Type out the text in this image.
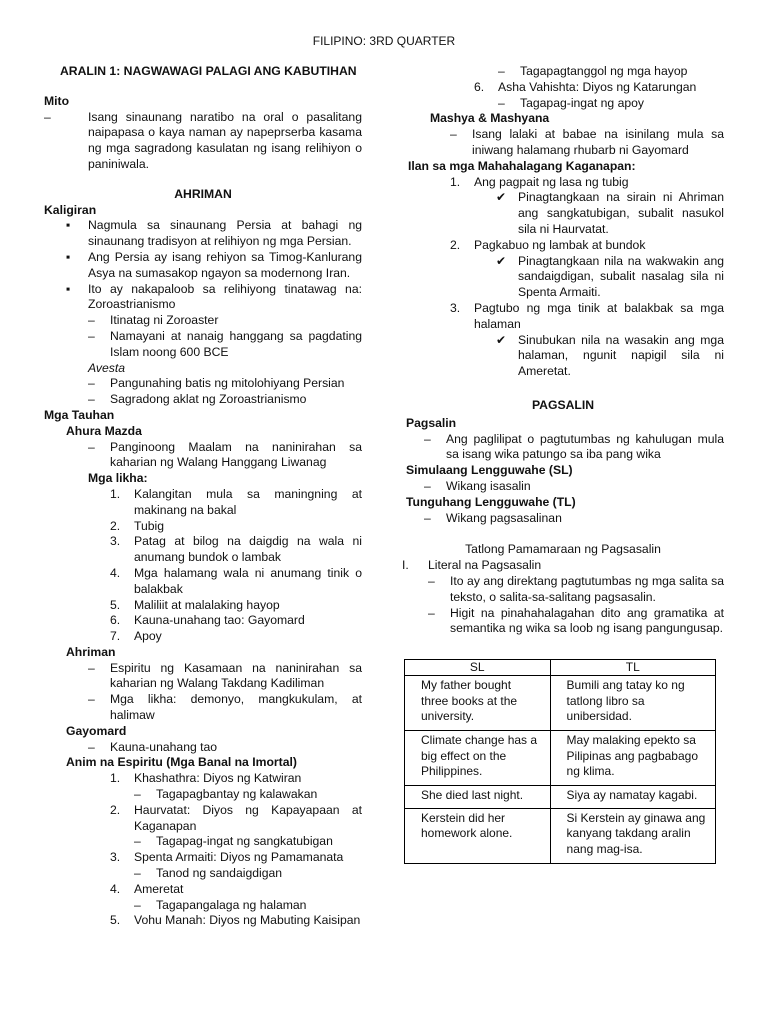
FILIPINO: 3RD QUARTER

ARALIN 1: NAGWAWAGI PALAGI ANG KABUTIHAN

Mito

–	Isang sinaunang naratibo na oral o pasalitang naipapasa o kaya naman ay napeprserba kasama ng mga sagradong kasulatan ng isang relihiyon o paniniwala.

AHRIMAN

Kaligiran

▪	Nagmula sa sinaunang Persia at bahagi ng sinaunang tradisyon at relihiyon ng mga Persian.
▪	Ang Persia ay isang rehiyon sa Timog-Kanlurang Asya na sumasakop ngayon sa modernong Iran.
▪	Ito ay nakapaloob sa relihiyong tinatawag na: Zoroastrianismo
–	Itinatag ni Zoroaster
–	Namayani at nanaig hanggang sa pagdating Islam noong 600 BCE

Avesta

–	Pangunahing batis ng mitolohiyang Persian
–	Sagradong aklat ng Zoroastrianismo

Mga Tauhan

Ahura Mazda

–	Panginoong Maalam na naninirahan sa kaharian ng Walang Hanggang Liwanag

Mga likha:

1.	Kalangitan mula sa maningning at makinang na bakal
2.	Tubig
3.	Patag at bilog na daigdig na wala ni anumang bundok o lambak
4.	Mga halamang wala ni anumang tinik o balakbak
5.	Maliliit at malalaking hayop
6.	Kauna-unahang tao: Gayomard
7.	Apoy

Ahriman

–	Espiritu ng Kasamaan na naninirahan sa kaharian ng Walang Takdang Kadiliman
–	Mga likha: demonyo, mangkukulam, at halimaw

Gayomard

–	Kauna-unahang tao

Anim na Espiritu (Mga Banal na Imortal)

1.	Khashathra: Diyos ng Katwiran
–	Tagapagbantay ng kalawakan
2.	Haurvatat: Diyos ng Kapayapaan at Kaganapan
–	Tagapag-ingat ng sangkatubigan
3.	Spenta Armaiti: Diyos ng Pamamanata
–	Tanod ng sandaigdigan
4.	Ameretat
–	Tagapangalaga ng halaman
5.	Vohu Manah: Diyos ng Mabuting Kaisipan
–	Tagapagtanggol ng mga hayop
6.	Asha Vahishta: Diyos ng Katarungan
–	Tagapag-ingat ng apoy

Mashya & Mashyana

–	Isang lalaki at babae na isinilang mula sa iniwang halamang rhubarb ni Gayomard

Ilan sa mga Mahahalagang Kaganapan:

1.	Ang pagpait ng lasa ng tubig
✔ Pinagtangkaan na sirain ni Ahriman ang sangkatubigan, subalit nasukol sila ni Haurvatat.
2.	Pagkabuo ng lambak at bundok
✔ Pinagtangkaan nila na wakwakin ang sandaigdigan, subalit nasalag sila ni Spenta Armaiti.
3.	Pagtubo ng mga tinik at balakbak sa mga halaman
✔ Sinubukan nila na wasakin ang mga halaman, ngunit napigil sila ni Ameretat.

PAGSALIN

Pagsalin

–	Ang paglilipat o pagtutumbas ng kahulugan mula sa isang wika patungo sa iba pang wika

Simulaang Lengguwahe (SL)

–	Wikang isasalin

Tunguhang Lengguwahe (TL)

–	Wikang pagsasalinan

Tatlong Pamamaraan ng Pagsasalin

I.	Literal na Pagsasalin
–	Ito ay ang direktang pagtutumbas ng mga salita sa teksto, o salita-sa-salitang pagsasalin.
–	Higit na pinahahalagahan dito ang gramatika at semantika ng wika sa loob ng isang pangungusap.
SL	TL
My father bought three books at the university.	Bumili ang tatay ko ng tatlong libro sa unibersidad.
Climate change has a big effect on the Philippines.	May malaking epekto sa Pilipinas ang pagbabago ng klima.
She died last night.	Siya ay namatay kagabi.
Kerstein did her homework alone.	Si Kerstein ay ginawa ang kanyang takdang aralin nang mag-isa.
